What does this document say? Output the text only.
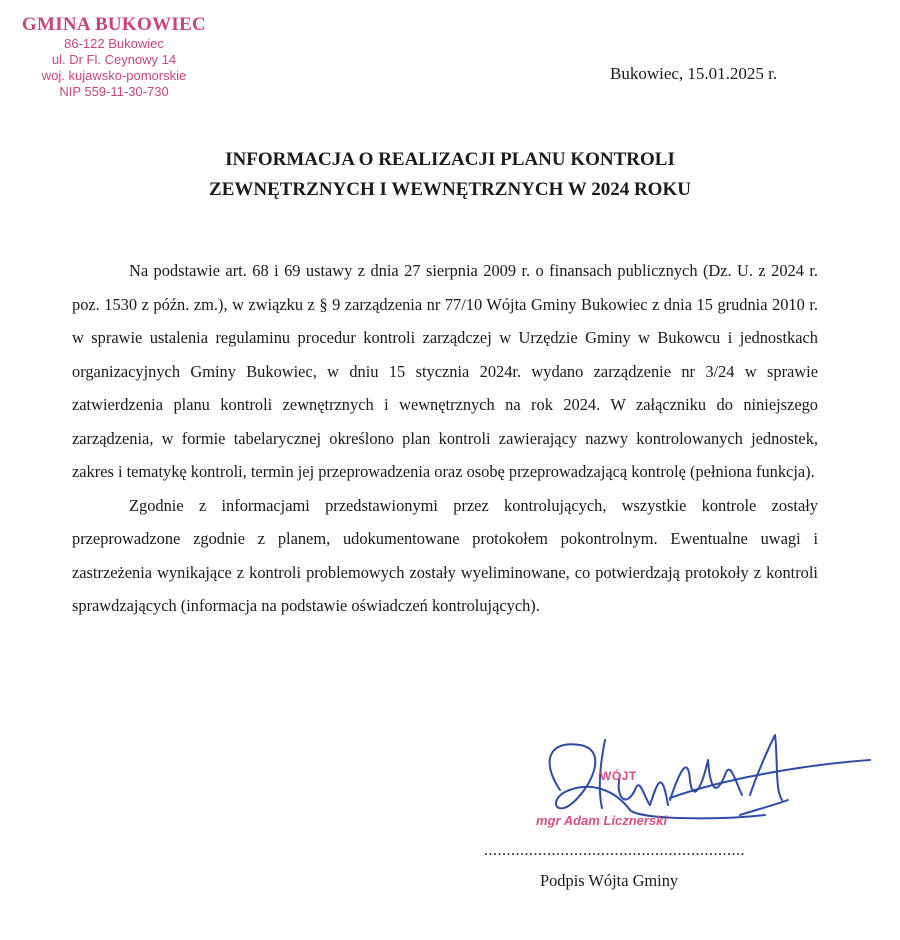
GMINA BUKOWIEC
86-122 Bukowiec
ul. Dr Fl. Ceynowy 14
woj. kujawsko-pomorskie
NIP 559-11-30-730
Bukowiec, 15.01.2025 r.
INFORMACJA O REALIZACJI PLANU KONTROLI
ZEWNĘTRZNYCH I WEWNĘTRZNYCH W 2024 ROKU

Na podstawie art. 68 i 69 ustawy z dnia 27 sierpnia 2009 r. o finansach publicznych (Dz. U. z 2024 r. poz. 1530 z późn. zm.), w związku z § 9 zarządzenia nr 77/10 Wójta Gminy Bukowiec z dnia 15 grudnia 2010 r. w sprawie ustalenia regulaminu procedur kontroli zarządczej w Urzędzie Gminy w Bukowcu i jednostkach organizacyjnych Gminy Bukowiec, w dniu 15 stycznia 2024r. wydano zarządzenie nr 3/24 w sprawie zatwierdzenia planu kontroli zewnętrznych i wewnętrznych na rok 2024. W załączniku do niniejszego zarządzenia, w formie tabelarycznej określono plan kontroli zawierający nazwy kontrolowanych jednostek, zakres i tematykę kontroli, termin jej przeprowadzenia oraz osobę przeprowadzającą kontrolę (pełniona funkcja).

Zgodnie z informacjami przedstawionymi przez kontrolujących, wszystkie kontrole zostały przeprowadzone zgodnie z planem, udokumentowane protokołem pokontrolnym. Ewentualne uwagi i zastrzeżenia wynikające z kontroli problemowych zostały wyeliminowane, co potwierdzają protokoły z kontroli sprawdzających (informacja na podstawie oświadczeń kontrolujących).

WÓJT
mgr Adam Licznerski
..........................................................
Podpis Wójta Gminy
